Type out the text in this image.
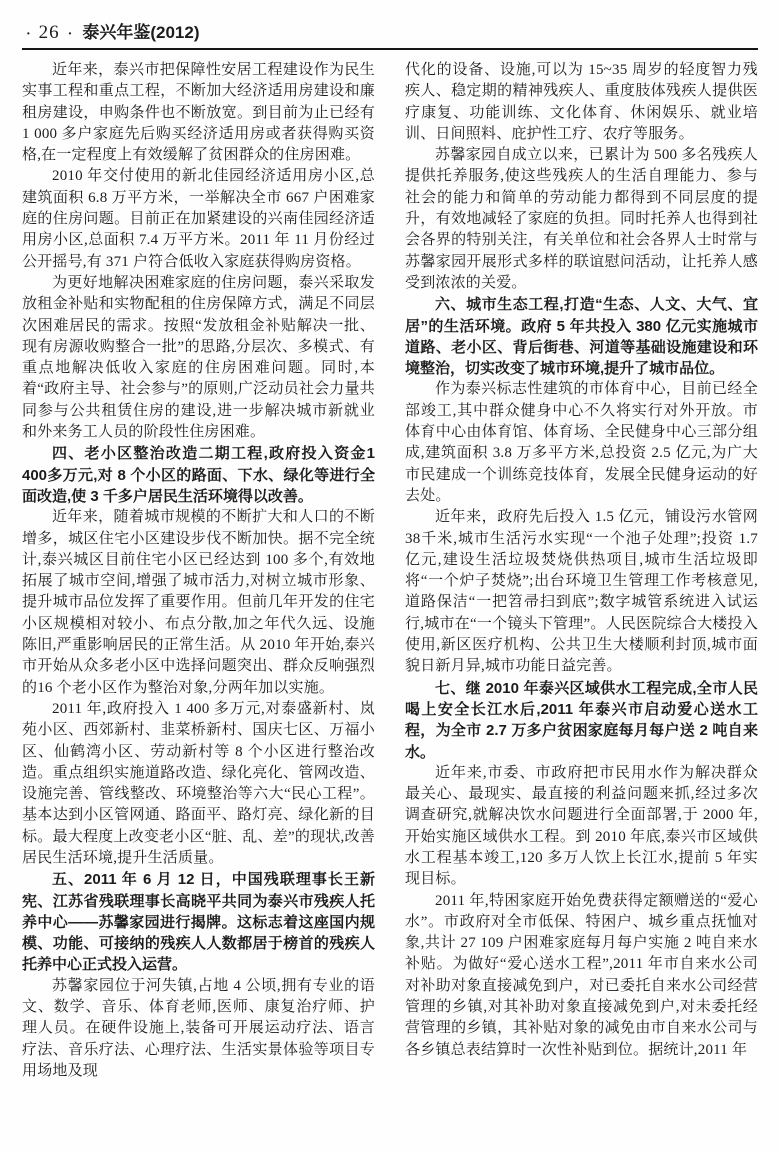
· 26 · 泰兴年鉴(2012)

近年来，泰兴市把保障性安居工程建设作为民生实事工程和重点工程，不断加大经济适用房建设和廉租房建设，申购条件也不断放宽。到目前为止已经有1 000 多户家庭先后购买经济适用房或者获得购买资格,在一定程度上有效缓解了贫困群众的住房困难。

2010 年交付使用的新北佳园经济适用房小区,总建筑面积 6.8 万平方米，一举解决全市 667 户困难家庭的住房问题。目前正在加紧建设的兴南佳园经济适用房小区,总面积 7.4 万平方米。2011 年 11 月份经过公开摇号,有 371 户符合低收入家庭获得购房资格。

为更好地解决困难家庭的住房问题，泰兴采取发放租金补贴和实物配租的住房保障方式，满足不同层次困难居民的需求。按照“发放租金补贴解决一批、现有房源收购整合一批”的思路,分层次、多模式、有重点地解决低收入家庭的住房困难问题。同时,本着“政府主导、社会参与”的原则,广泛动员社会力量共同参与公共租赁住房的建设,进一步解决城市新就业和外来务工人员的阶段性住房困难。

四、老小区整治改造二期工程,政府投入资金1 400多万元,对 8 个小区的路面、下水、绿化等进行全面改造,使 3 千多户居民生活环境得以改善。

近年来，随着城市规模的不断扩大和人口的不断增多，城区住宅小区建设步伐不断加快。据不完全统计,泰兴城区目前住宅小区已经达到 100 多个,有效地拓展了城市空间,增强了城市活力,对树立城市形象、提升城市品位发挥了重要作用。但前几年开发的住宅小区规模相对较小、布点分散,加之年代久远、设施陈旧,严重影响居民的正常生活。从 2010 年开始,泰兴市开始从众多老小区中选择问题突出、群众反响强烈的16 个老小区作为整治对象,分两年加以实施。

2011 年,政府投入 1 400 多万元,对泰盛新村、岚苑小区、西郊新村、韭菜桥新村、国庆七区、万福小区、仙鹤湾小区、劳动新村等 8 个小区进行整治改造。重点组织实施道路改造、绿化亮化、管网改造、设施完善、管线整改、环境整治等六大“民心工程”。基本达到小区管网通、路面平、路灯亮、绿化新的目标。最大程度上改变老小区“脏、乱、差”的现状,改善居民生活环境,提升生活质量。

五、2011 年 6 月 12 日，中国残联理事长王新宪、江苏省残联理事长高晓平共同为泰兴市残疾人托养中心——苏馨家园进行揭牌。这标志着这座国内规模、功能、可接纳的残疾人人数都居于榜首的残疾人托养中心正式投入运营。

苏馨家园位于河失镇,占地 4 公顷,拥有专业的语文、数学、音乐、体育老师,医师、康复治疗师、护理人员。在硬件设施上,装备可开展运动疗法、语言疗法、音乐疗法、心理疗法、生活实景体验等项目专用场地及现

代化的设备、设施,可以为 15~35 周岁的轻度智力残疾人、稳定期的精神残疾人、重度肢体残疾人提供医疗康复、功能训练、文化体育、休闲娱乐、就业培训、日间照料、庇护性工疗、农疗等服务。

苏馨家园自成立以来，已累计为 500 多名残疾人提供托养服务,使这些残疾人的生活自理能力、参与社会的能力和简单的劳动能力都得到不同层度的提升，有效地减轻了家庭的负担。同时托养人也得到社会各界的特别关注，有关单位和社会各界人士时常与苏馨家园开展形式多样的联谊慰问活动，让托养人感受到浓浓的关爱。

六、城市生态工程,打造“生态、人文、大气、宜居”的生活环境。政府 5 年共投入 380 亿元实施城市道路、老小区、背后街巷、河道等基础设施建设和环境整治，切实改变了城市环境,提升了城市品位。

作为泰兴标志性建筑的市体育中心，目前已经全部竣工,其中群众健身中心不久将实行对外开放。市体育中心由体育馆、体育场、全民健身中心三部分组成,建筑面积 3.8 万多平方米,总投资 2.5 亿元,为广大市民建成一个训练竞技体育，发展全民健身运动的好去处。

近年来，政府先后投入 1.5 亿元，铺设污水管网38千米,城市生活污水实现“一个池子处理”;投资 1.7 亿元,建设生活垃圾焚烧供热项目,城市生活垃圾即将“一个炉子焚烧”;出台环境卫生管理工作考核意见,道路保洁“一把笤帚扫到底”;数字城管系统进入试运行,城市在“一个镜头下管理”。人民医院综合大楼投入使用,新区医疗机构、公共卫生大楼顺利封顶,城市面貌日新月异,城市功能日益完善。

七、继 2010 年泰兴区域供水工程完成,全市人民喝上安全长江水后,2011 年泰兴市启动爱心送水工程，为全市 2.7 万多户贫困家庭每月每户送 2 吨自来水。

近年来,市委、市政府把市民用水作为解决群众最关心、最现实、最直接的利益问题来抓,经过多次调查研究,就解决饮水问题进行全面部署,于 2000 年,开始实施区域供水工程。到 2010 年底,泰兴市区域供水工程基本竣工,120 多万人饮上长江水,提前 5 年实现目标。

2011 年,特困家庭开始免费获得定额赠送的“爱心水”。市政府对全市低保、特困户、城乡重点抚恤对象,共计 27 109 户困难家庭每月每户实施 2 吨自来水补贴。为做好“爱心送水工程”,2011 年市自来水公司对补助对象直接减免到户，对已委托自来水公司经营管理的乡镇,对其补助对象直接减免到户,对未委托经营管理的乡镇，其补贴对象的减免由市自来水公司与各乡镇总表结算时一次性补贴到位。据统计,2011 年
